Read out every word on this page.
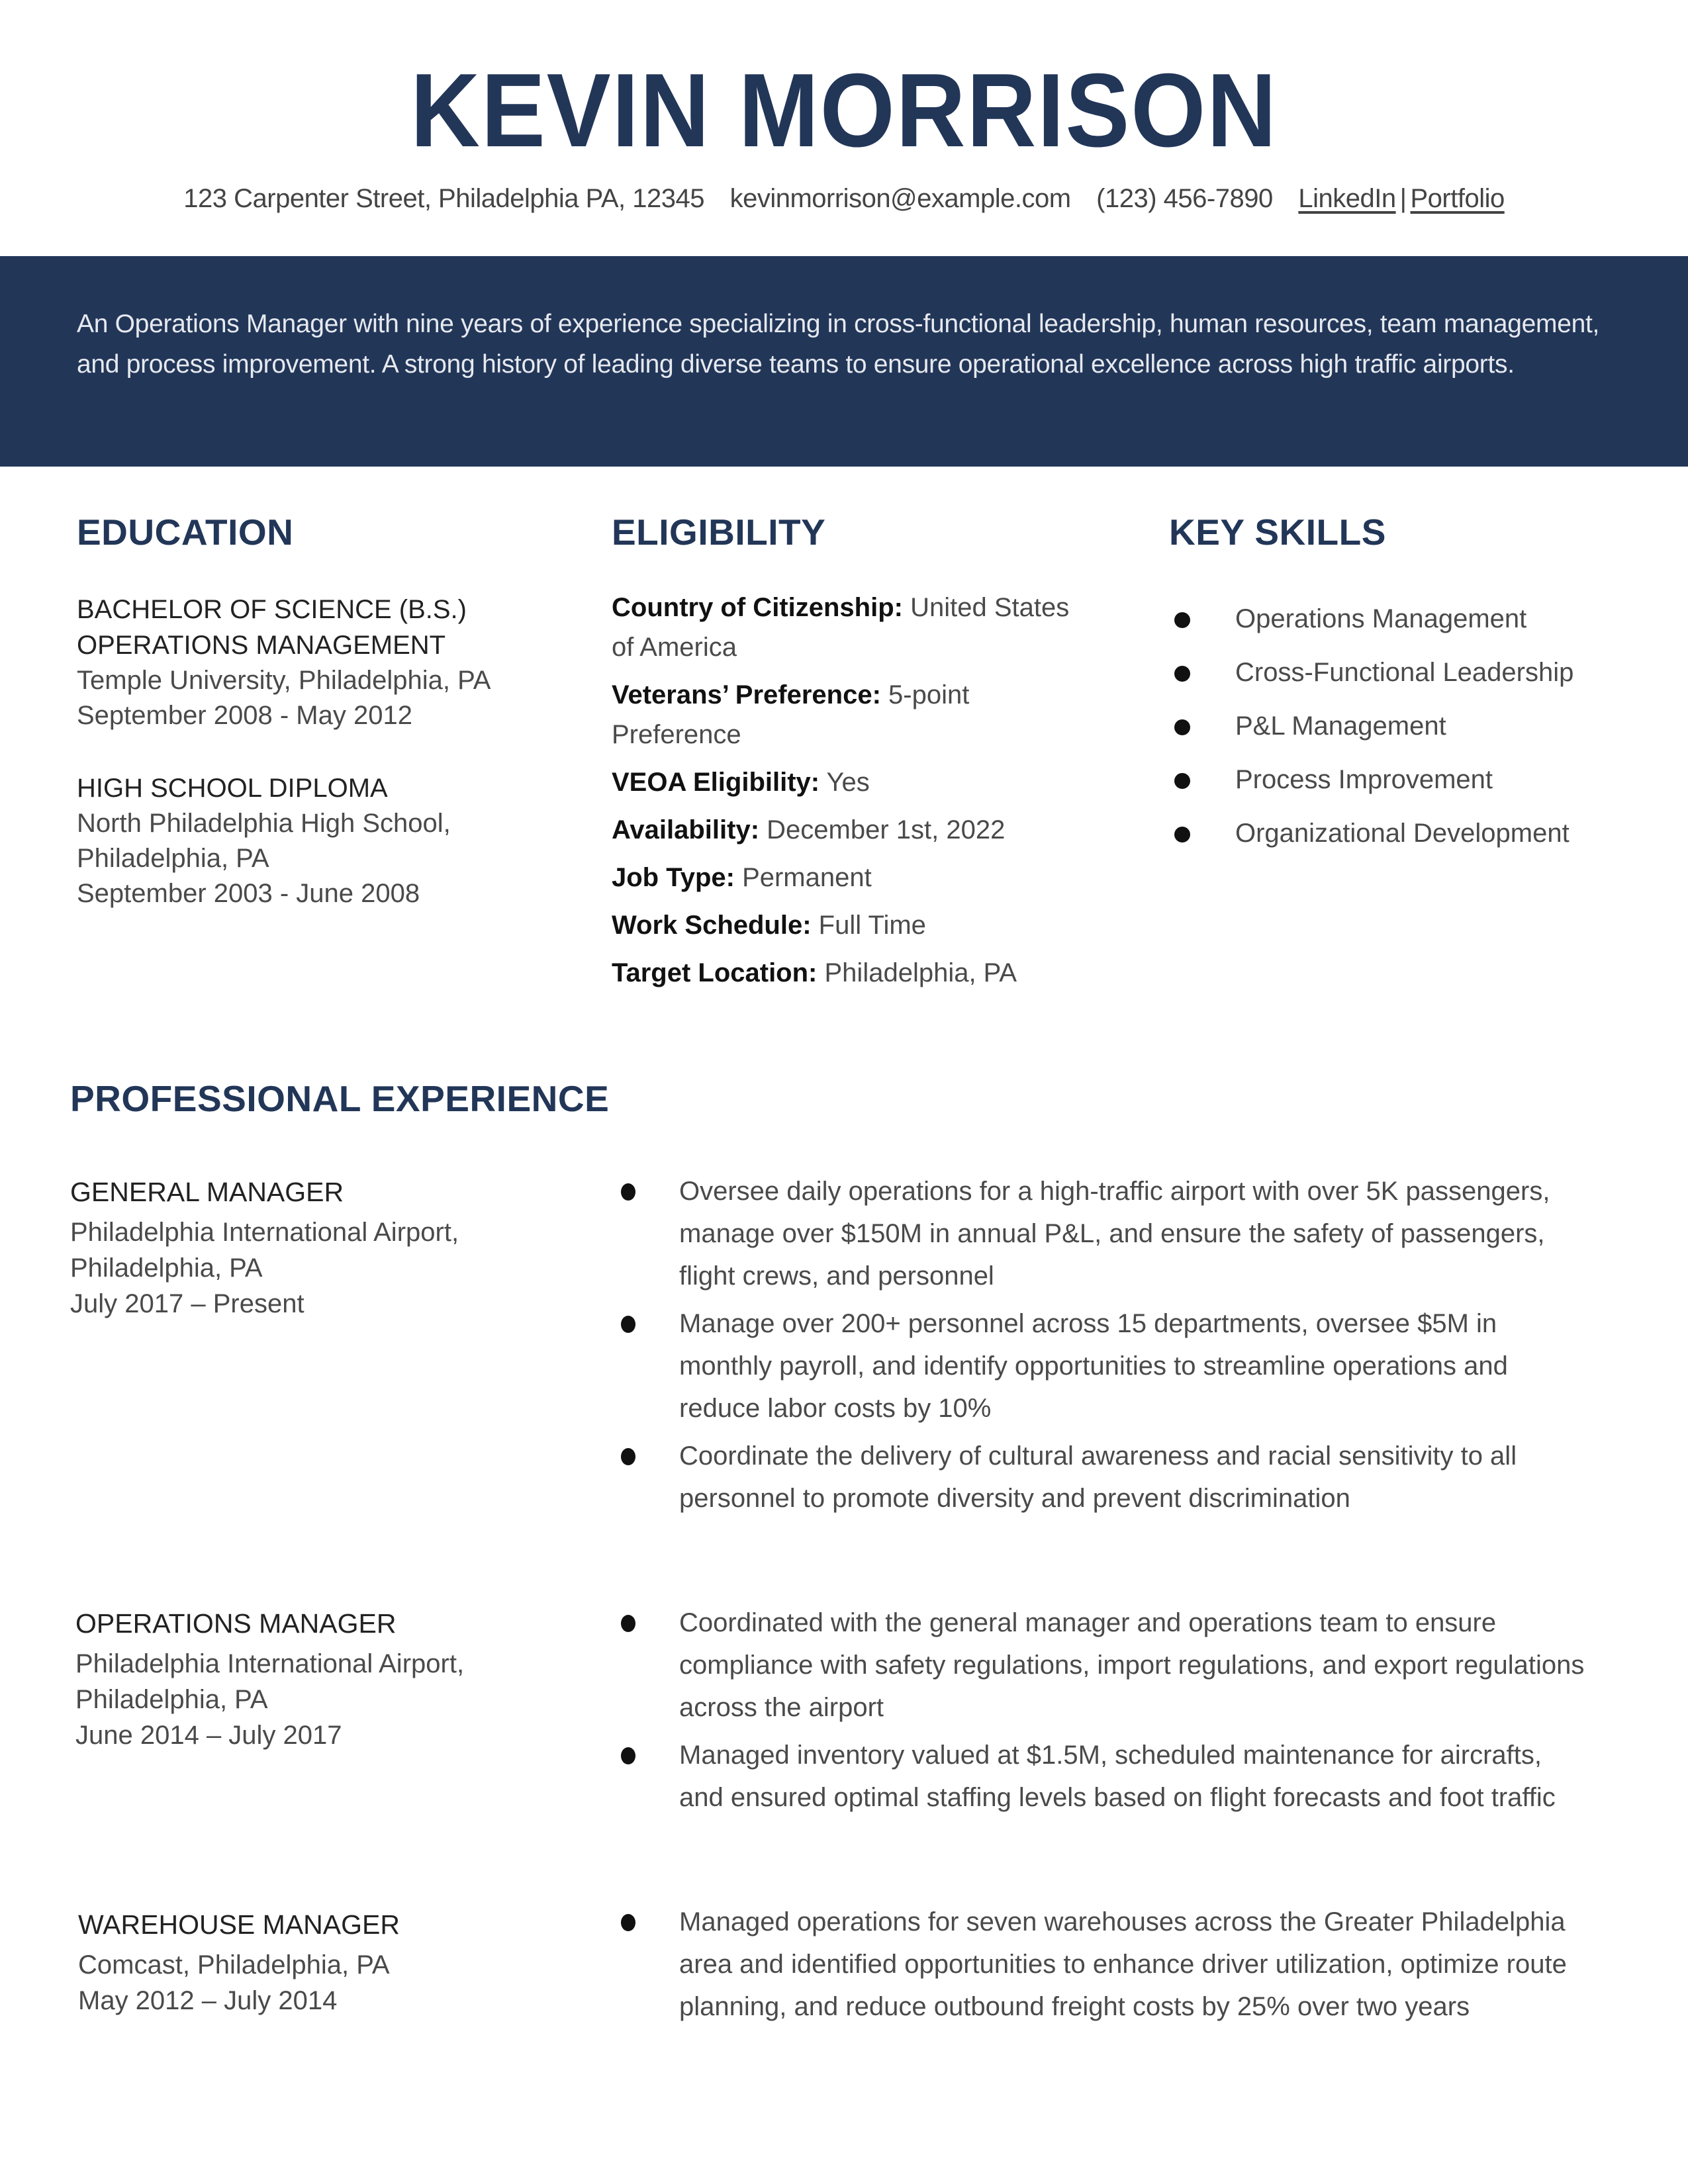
KEVIN MORRISON
123 Carpenter Street, Philadelphia PA, 12345 kevinmorrison@example.com (123) 456-7890 LinkedIn | Portfolio
An Operations Manager with nine years of experience specializing in cross-functional leadership, human resources, team management, and process improvement. A strong history of leading diverse teams to ensure operational excellence across high traffic airports.
EDUCATION
BACHELOR OF SCIENCE (B.S.)
OPERATIONS MANAGEMENT
Temple University, Philadelphia, PA
September 2008 - May 2012
HIGH SCHOOL DIPLOMA
North Philadelphia High School,
Philadelphia, PA
September 2003 - June 2008
ELIGIBILITY
Country of Citizenship: United States of America
Veterans’ Preference: 5-point Preference
VEOA Eligibility: Yes
Availability: December 1st, 2022
Job Type: Permanent
Work Schedule: Full Time
Target Location: Philadelphia, PA
KEY SKILLS
Operations Management
Cross-Functional Leadership
P&L Management
Process Improvement
Organizational Development
PROFESSIONAL EXPERIENCE
GENERAL MANAGER
Philadelphia International Airport,
Philadelphia, PA
July 2017 – Present
Oversee daily operations for a high-traffic airport with over 5K passengers, manage over $150M in annual P&L, and ensure the safety of passengers, flight crews, and personnel
Manage over 200+ personnel across 15 departments, oversee $5M in monthly payroll, and identify opportunities to streamline operations and reduce labor costs by 10%
Coordinate the delivery of cultural awareness and racial sensitivity to all personnel to promote diversity and prevent discrimination
OPERATIONS MANAGER
Philadelphia International Airport,
Philadelphia, PA
June 2014 – July 2017
Coordinated with the general manager and operations team to ensure compliance with safety regulations, import regulations, and export regulations across the airport
Managed inventory valued at $1.5M, scheduled maintenance for aircrafts, and ensured optimal staffing levels based on flight forecasts and foot traffic
WAREHOUSE MANAGER
Comcast, Philadelphia, PA
May 2012 – July 2014
Managed operations for seven warehouses across the Greater Philadelphia area and identified opportunities to enhance driver utilization, optimize route planning, and reduce outbound freight costs by 25% over two years
